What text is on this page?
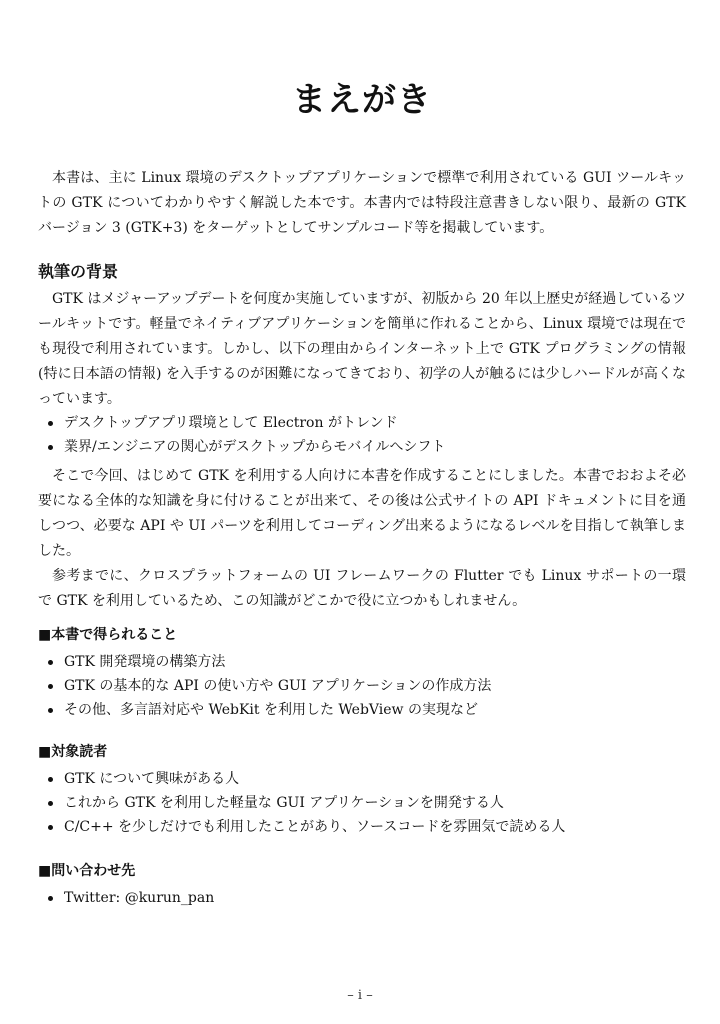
まえがき

本書は、主に Linux 環境のデスクトップアプリケーションで標準で利用されている GUI ツールキットの GTK についてわかりやすく解説した本です。本書内では特段注意書きしない限り、最新の GTK バージョン 3 (GTK+3) をターゲットとしてサンプルコード等を掲載しています。

執筆の背景

GTK はメジャーアップデートを何度か実施していますが、初版から 20 年以上歴史が経過しているツールキットです。軽量でネイティブアプリケーションを簡単に作れることから、Linux 環境では現在でも現役で利用されています。しかし、以下の理由からインターネット上で GTK プログラミングの情報 (特に日本語の情報) を入手するのが困難になってきており、初学の人が触るには少しハードルが高くなっています。

デスクトップアプリ環境として Electron がトレンド
業界/エンジニアの関心がデスクトップからモバイルへシフト

そこで今回、はじめて GTK を利用する人向けに本書を作成することにしました。本書でおおよそ必要になる全体的な知識を身に付けることが出来て、その後は公式サイトの API ドキュメントに目を通しつつ、必要な API や UI パーツを利用してコーディング出来るようになるレベルを目指して執筆しました。

参考までに、クロスプラットフォームの UI フレームワークの Flutter でも Linux サポートの一環で GTK を利用しているため、この知識がどこかで役に立つかもしれません。

■本書で得られること
GTK 開発環境の構築方法
GTK の基本的な API の使い方や GUI アプリケーションの作成方法
その他、多言語対応や WebKit を利用した WebView の実現など
■対象読者
GTK について興味がある人
これから GTK を利用した軽量な GUI アプリケーションを開発する人
C/C++ を少しだけでも利用したことがあり、ソースコードを雰囲気で読める人
■問い合わせ先
Twitter: @kurun_pan
– i –
